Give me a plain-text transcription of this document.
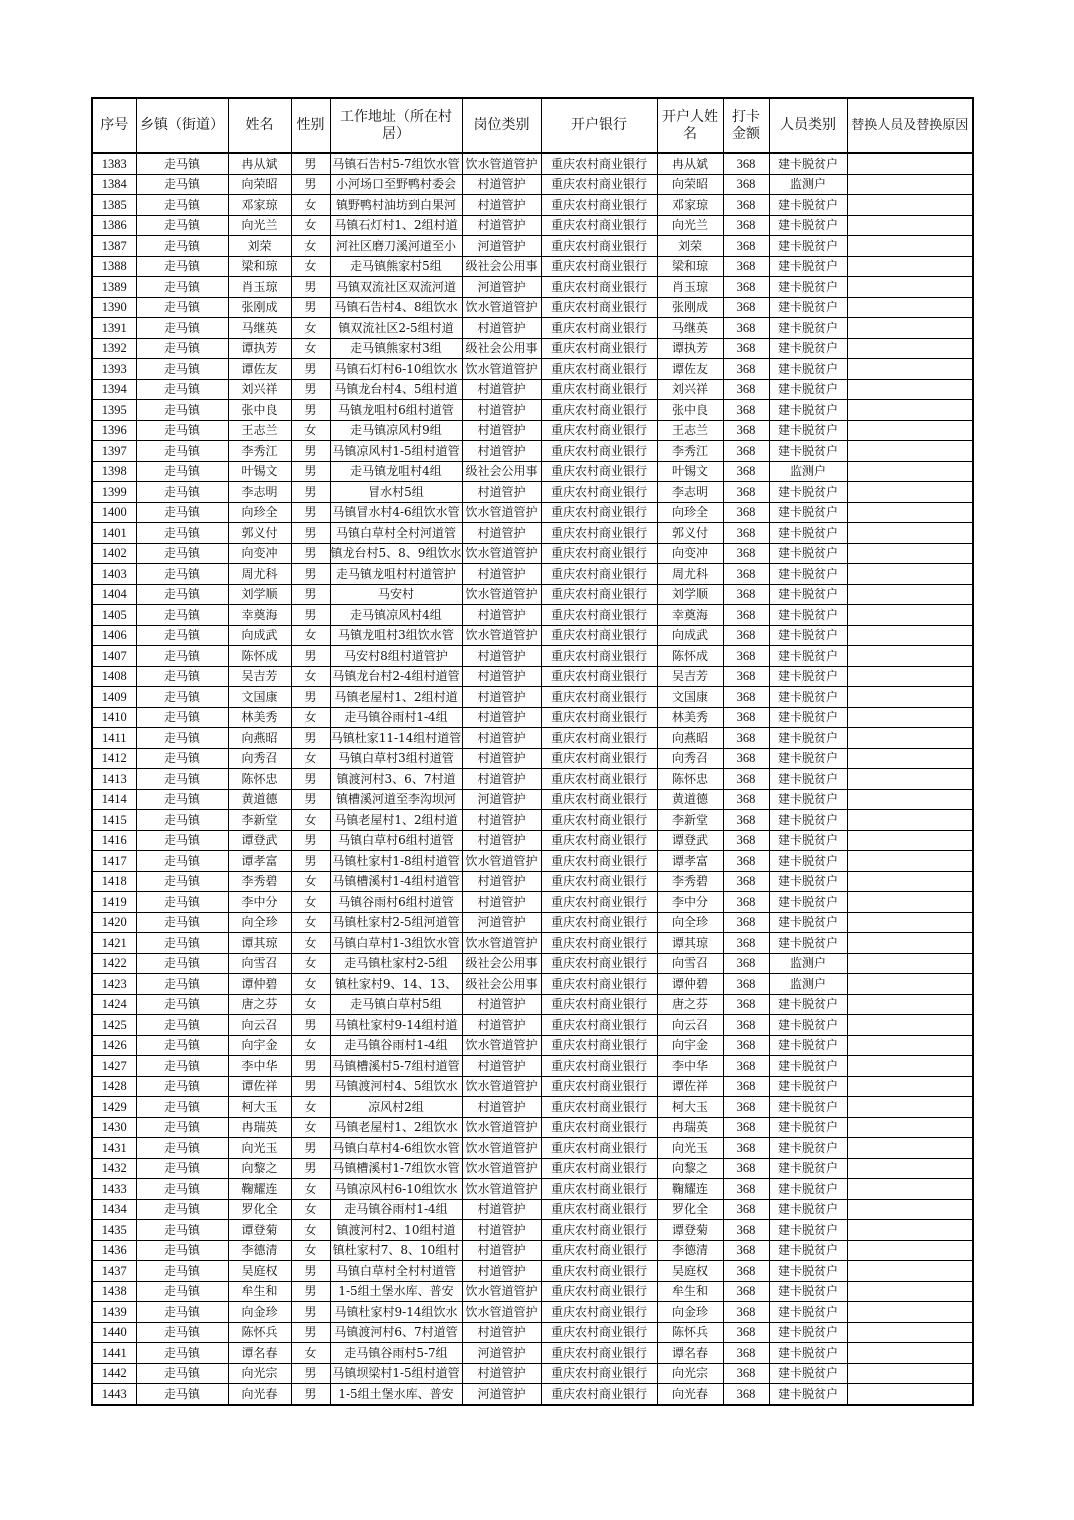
序号	乡镇（街道）	姓名	性别	工作地址（所在村居）	岗位类别	开户银行	开户人姓名	打卡金额	人员类别	替换人员及替换原因
1383	走马镇	冉从斌	男	马镇石告村5-7组饮水管	饮水管道管护	重庆农村商业银行	冉从斌	368	建卡脱贫户	
1384	走马镇	向荣昭	男	小河场口至野鸭村委会	村道管护	重庆农村商业银行	向荣昭	368	监测户	
1385	走马镇	邓家琼	女	镇野鸭村油坊到白果河	村道管护	重庆农村商业银行	邓家琼	368	建卡脱贫户	
1386	走马镇	向光兰	女	马镇石灯村1、2组村道	村道管护	重庆农村商业银行	向光兰	368	建卡脱贫户	
1387	走马镇	刘荣	女	河社区磨刀溪河道至小	河道管护	重庆农村商业银行	刘荣	368	建卡脱贫户	
1388	走马镇	梁和琼	女	走马镇熊家村5组	级社会公用事	重庆农村商业银行	梁和琼	368	建卡脱贫户	
1389	走马镇	肖玉琼	男	马镇双流社区双流河道	河道管护	重庆农村商业银行	肖玉琼	368	建卡脱贫户	
1390	走马镇	张刚成	男	马镇石告村4、8组饮水	饮水管道管护	重庆农村商业银行	张刚成	368	建卡脱贫户	
1391	走马镇	马继英	女	镇双流社区2-5组村道	村道管护	重庆农村商业银行	马继英	368	建卡脱贫户	
1392	走马镇	谭执芳	女	走马镇熊家村3组	级社会公用事	重庆农村商业银行	谭执芳	368	建卡脱贫户	
1393	走马镇	谭佐友	男	马镇石灯村6-10组饮水	饮水管道管护	重庆农村商业银行	谭佐友	368	建卡脱贫户	
1394	走马镇	刘兴祥	男	马镇龙台村4、5组村道	村道管护	重庆农村商业银行	刘兴祥	368	建卡脱贫户	
1395	走马镇	张中良	男	马镇龙咀村6组村道管	村道管护	重庆农村商业银行	张中良	368	建卡脱贫户	
1396	走马镇	王志兰	女	走马镇凉风村9组	村道管护	重庆农村商业银行	王志兰	368	建卡脱贫户	
1397	走马镇	李秀江	男	马镇凉风村1-5组村道管	村道管护	重庆农村商业银行	李秀江	368	建卡脱贫户	
1398	走马镇	叶锡文	男	走马镇龙咀村4组	级社会公用事	重庆农村商业银行	叶锡文	368	监测户	
1399	走马镇	李志明	男	冒水村5组	村道管护	重庆农村商业银行	李志明	368	建卡脱贫户	
1400	走马镇	向珍全	男	马镇冒水村4-6组饮水管	饮水管道管护	重庆农村商业银行	向珍全	368	建卡脱贫户	
1401	走马镇	郭义付	男	马镇白草村全村河道管	村道管护	重庆农村商业银行	郭义付	368	建卡脱贫户	
1402	走马镇	向变冲	男	镇龙台村5、8、9组饮水	饮水管道管护	重庆农村商业银行	向变冲	368	建卡脱贫户	
1403	走马镇	周尤科	男	走马镇龙咀村村道管护	村道管护	重庆农村商业银行	周尤科	368	建卡脱贫户	
1404	走马镇	刘学顺	男	马安村	饮水管道管护	重庆农村商业银行	刘学顺	368	建卡脱贫户	
1405	走马镇	幸奠海	男	走马镇凉风村4组	村道管护	重庆农村商业银行	幸奠海	368	建卡脱贫户	
1406	走马镇	向成武	女	马镇龙咀村3组饮水管	饮水管道管护	重庆农村商业银行	向成武	368	建卡脱贫户	
1407	走马镇	陈怀成	男	马安村8组村道管护	村道管护	重庆农村商业银行	陈怀成	368	建卡脱贫户	
1408	走马镇	吴吉芳	女	马镇龙台村2-4组村道管	村道管护	重庆农村商业银行	吴吉芳	368	建卡脱贫户	
1409	走马镇	文国康	男	马镇老屋村1、2组村道	村道管护	重庆农村商业银行	文国康	368	建卡脱贫户	
1410	走马镇	林美秀	女	走马镇谷雨村1-4组	村道管护	重庆农村商业银行	林美秀	368	建卡脱贫户	
1411	走马镇	向燕昭	男	马镇杜家11-14组村道管	村道管护	重庆农村商业银行	向燕昭	368	建卡脱贫户	
1412	走马镇	向秀召	女	马镇白草村3组村道管	村道管护	重庆农村商业银行	向秀召	368	建卡脱贫户	
1413	走马镇	陈怀忠	男	镇渡河村3、6、7村道	村道管护	重庆农村商业银行	陈怀忠	368	建卡脱贫户	
1414	走马镇	黄道德	男	镇槽溪河道至李沟坝河	河道管护	重庆农村商业银行	黄道德	368	建卡脱贫户	
1415	走马镇	李新堂	女	马镇老屋村1、2组村道	村道管护	重庆农村商业银行	李新堂	368	建卡脱贫户	
1416	走马镇	谭登武	男	马镇白草村6组村道管	村道管护	重庆农村商业银行	谭登武	368	建卡脱贫户	
1417	走马镇	谭孝富	男	马镇杜家村1-8组村道管	饮水管道管护	重庆农村商业银行	谭孝富	368	建卡脱贫户	
1418	走马镇	李秀碧	女	马镇槽溪村1-4组村道管	村道管护	重庆农村商业银行	李秀碧	368	建卡脱贫户	
1419	走马镇	李中分	女	马镇谷雨村6组村道管	村道管护	重庆农村商业银行	李中分	368	建卡脱贫户	
1420	走马镇	向全珍	女	马镇杜家村2-5组河道管	河道管护	重庆农村商业银行	向全珍	368	建卡脱贫户	
1421	走马镇	谭其琼	女	马镇白草村1-3组饮水管	饮水管道管护	重庆农村商业银行	谭其琼	368	建卡脱贫户	
1422	走马镇	向雪召	女	走马镇杜家村2-5组	级社会公用事	重庆农村商业银行	向雪召	368	监测户	
1423	走马镇	谭仲碧	女	镇杜家村9、14、13、	级社会公用事	重庆农村商业银行	谭仲碧	368	监测户	
1424	走马镇	唐之芬	女	走马镇白草村5组	村道管护	重庆农村商业银行	唐之芬	368	建卡脱贫户	
1425	走马镇	向云召	男	马镇杜家村9-14组村道	村道管护	重庆农村商业银行	向云召	368	建卡脱贫户	
1426	走马镇	向宇金	女	走马镇谷雨村1-4组	饮水管道管护	重庆农村商业银行	向宇金	368	建卡脱贫户	
1427	走马镇	李中华	男	马镇槽溪村5-7组村道管	村道管护	重庆农村商业银行	李中华	368	建卡脱贫户	
1428	走马镇	谭佐祥	男	马镇渡河村4、5组饮水	饮水管道管护	重庆农村商业银行	谭佐祥	368	建卡脱贫户	
1429	走马镇	柯大玉	女	凉风村2组	村道管护	重庆农村商业银行	柯大玉	368	建卡脱贫户	
1430	走马镇	冉瑞英	女	马镇老屋村1、2组饮水	饮水管道管护	重庆农村商业银行	冉瑞英	368	建卡脱贫户	
1431	走马镇	向光玉	男	马镇白草村4-6组饮水管	饮水管道管护	重庆农村商业银行	向光玉	368	建卡脱贫户	
1432	走马镇	向黎之	男	马镇槽溪村1-7组饮水管	饮水管道管护	重庆农村商业银行	向黎之	368	建卡脱贫户	
1433	走马镇	鞠耀连	女	马镇凉风村6-10组饮水	饮水管道管护	重庆农村商业银行	鞠耀连	368	建卡脱贫户	
1434	走马镇	罗化全	女	走马镇谷雨村1-4组	村道管护	重庆农村商业银行	罗化全	368	建卡脱贫户	
1435	走马镇	谭登菊	女	镇渡河村2、10组村道	村道管护	重庆农村商业银行	谭登菊	368	建卡脱贫户	
1436	走马镇	李德清	女	镇杜家村7、8、10组村	村道管护	重庆农村商业银行	李德清	368	建卡脱贫户	
1437	走马镇	吴庭权	男	马镇白草村全村村道管	村道管护	重庆农村商业银行	吴庭权	368	建卡脱贫户	
1438	走马镇	牟生和	男	1-5组土堡水库、普安	饮水管道管护	重庆农村商业银行	牟生和	368	建卡脱贫户	
1439	走马镇	向金珍	男	马镇杜家村9-14组饮水	饮水管道管护	重庆农村商业银行	向金珍	368	建卡脱贫户	
1440	走马镇	陈怀兵	男	马镇渡河村6、7村道管	村道管护	重庆农村商业银行	陈怀兵	368	建卡脱贫户	
1441	走马镇	谭名春	女	走马镇谷雨村5-7组	河道管护	重庆农村商业银行	谭名春	368	建卡脱贫户	
1442	走马镇	向光宗	男	马镇坝梁村1-5组村道管	村道管护	重庆农村商业银行	向光宗	368	建卡脱贫户	
1443	走马镇	向光春	男	1-5组土堡水库、普安	河道管护	重庆农村商业银行	向光春	368	建卡脱贫户	
